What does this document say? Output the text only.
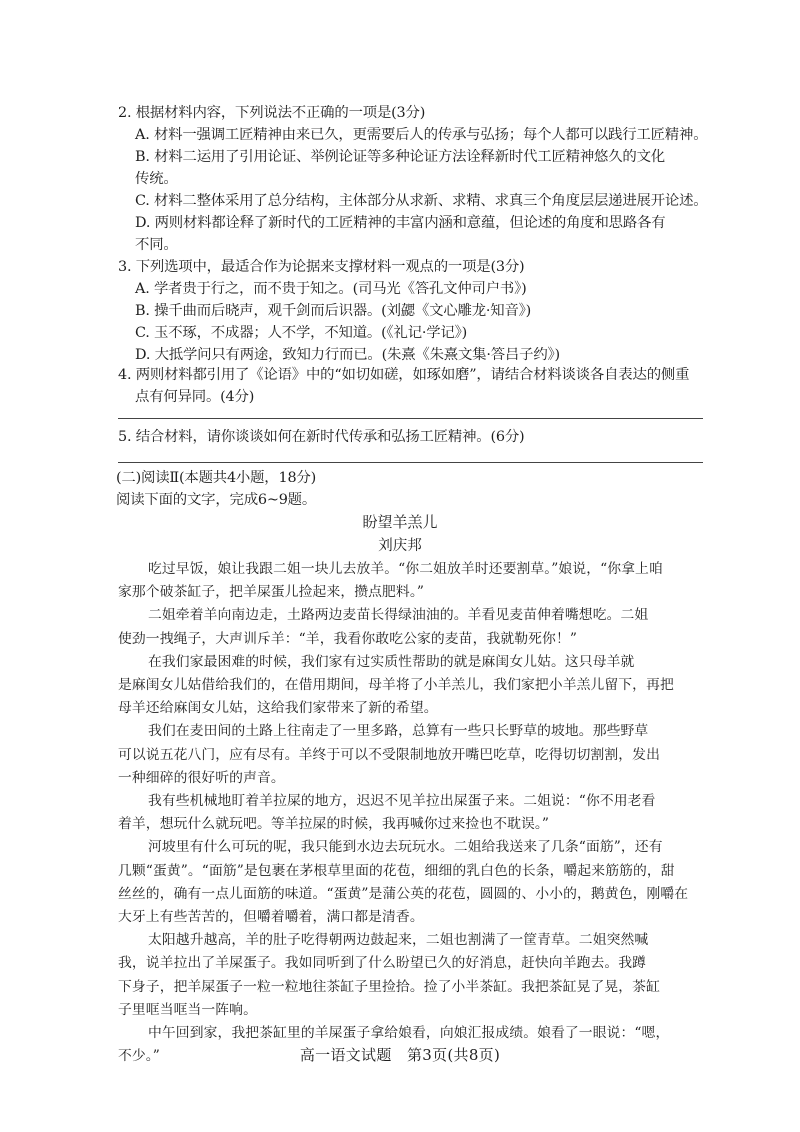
2. 根据材料内容，下列说法不正确的一项是(3分)
A. 材料一强调工匠精神由来已久，更需要后人的传承与弘扬；每个人都可以践行工匠精神。
B. 材料二运用了引用论证、举例论证等多种论证方法诠释新时代工匠精神悠久的文化
传统。
C. 材料二整体采用了总分结构，主体部分从求新、求精、求真三个角度层层递进展开论述。
D. 两则材料都诠释了新时代的工匠精神的丰富内涵和意蕴，但论述的角度和思路各有
不同。
3. 下列选项中，最适合作为论据来支撑材料一观点的一项是(3分)
A. 学者贵于行之，而不贵于知之。(司马光《答孔文仲司户书》)
B. 操千曲而后晓声，观千剑而后识器。(刘勰《文心雕龙·知音》)
C. 玉不琢，不成器；人不学，不知道。(《礼记·学记》)
D. 大抵学问只有两途，致知力行而已。(朱熹《朱熹文集·答吕子约》)
4. 两则材料都引用了《论语》中的“如切如磋，如琢如磨”，请结合材料谈谈各自表达的侧重
点有何异同。(4分)
5. 结合材料，请你谈谈如何在新时代传承和弘扬工匠精神。(6分)
(二)阅读Ⅱ(本题共4小题，18分)
阅读下面的文字，完成6~9题。
盼望羊羔儿
刘庆邦
吃过早饭，娘让我跟二姐一块儿去放羊。“你二姐放羊时还要割草。”娘说，“你拿上咱
家那个破茶缸子，把羊屎蛋儿捡起来，攒点肥料。”
二姐牵着羊向南边走，土路两边麦苗长得绿油油的。羊看见麦苗伸着嘴想吃。二姐
使劲一拽绳子，大声训斥羊：“羊，我看你敢吃公家的麦苗，我就勒死你！”
在我们家最困难的时候，我们家有过实质性帮助的就是麻闺女儿姑。这只母羊就
是麻闺女儿姑借给我们的，在借用期间，母羊将了小羊羔儿，我们家把小羊羔儿留下，再把
母羊还给麻闺女儿姑，这给我们家带来了新的希望。
我们在麦田间的土路上往南走了一里多路，总算有一些只长野草的坡地。那些野草
可以说五花八门，应有尽有。羊终于可以不受限制地放开嘴巴吃草，吃得切切割割，发出
一种细碎的很好听的声音。
我有些机械地盯着羊拉屎的地方，迟迟不见羊拉出屎蛋子来。二姐说：“你不用老看
着羊，想玩什么就玩吧。等羊拉屎的时候，我再喊你过来捡也不耽误。”
河坡里有什么可玩的呢，我只能到水边去玩玩水。二姐给我送来了几条“面筋”，还有
几颗“蛋黄”。“面筋”是包裹在茅根草里面的花苞，细细的乳白色的长条，嚼起来筋筋的，甜
丝丝的，确有一点儿面筋的味道。“蛋黄”是蒲公英的花苞，圆圆的、小小的，鹅黄色，刚嚼在
大牙上有些苦苦的，但嚼着嚼着，满口都是清香。
太阳越升越高，羊的肚子吃得朝两边鼓起来，二姐也割满了一筐青草。二姐突然喊
我，说羊拉出了羊屎蛋子。我如同听到了什么盼望已久的好消息，赶快向羊跑去。我蹲
下身子，把羊屎蛋子一粒一粒地往茶缸子里捡拾。捡了小半茶缸。我把茶缸晃了晃，茶缸
子里哐当哐当一阵响。
中午回到家，我把茶缸里的羊屎蛋子拿给娘看，向娘汇报成绩。娘看了一眼说：“嗯，
不少。”	高一语文试题　第3页(共8页)
